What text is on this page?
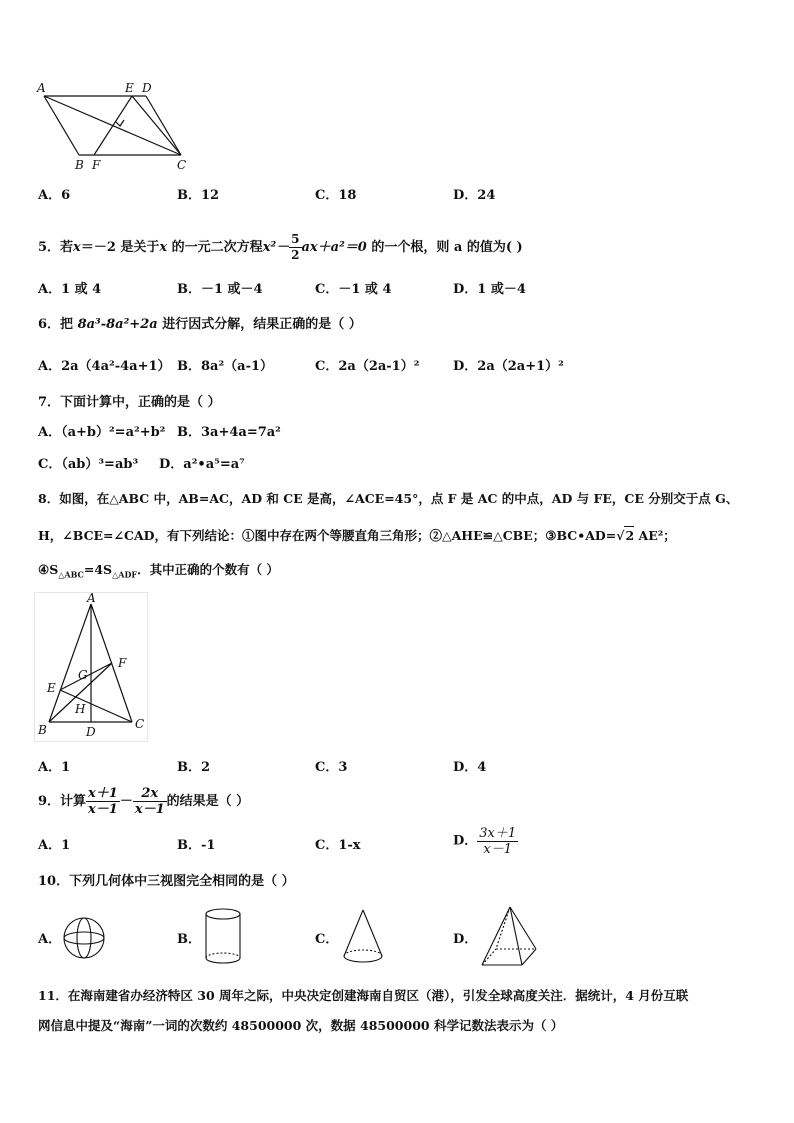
A	E D
B F	C
A．6	B．12	C．18	D．24
5．若x＝－2 是关于x 的一元二次方程$x^2- \frac{5}{2} ax+a^2=0$ 的一个根，则 a 的值为( )
A．1 或 4	B．－1 或－4	C．－1 或 4	D．1 或－4
6．把 8a³-8a²+2a 进行因式分解，结果正确的是（ ）
A．2a（4a²-4a+1） B．8a²（a-1）	C．2a（2a-1）²	D．2a（2a+1）²
7．下面计算中，正确的是（ ）
A．（a+b）²=a²+b² B．3a+4a=7a²
C．（ab）³=ab³ D．a²•a⁵=a⁷
8．如图，在△ABC 中，AB=AC，AD 和 CE 是高，∠ACE=45°，点 F 是 AC 的中点，AD 与 FE，CE 分别交于点 G、
H，∠BCE=∠CAD，有下列结论：①图中存在两个等腰直角三角形；②△AHE≌△CBE；③BC•AD=√2 AE²；
$④S_{\triangle ABC}=4S_{\triangle ADF}$．其中正确的个数有（ ）
A
F
G
E
H
B	D
C
A．1	B．2	C．3	D．4
9．计算 $\frac{x+1}{x-1} - \frac{2x}{x-1}$ 的结果是（ ）
A．1	B．-1	C．1-x	D． $\frac{3x+1}{x-1}$
10．下列几何体中三视图完全相同的是（ ）
A．	B．	C．	D．
11．在海南建省办经济特区 30 周年之际，中央决定创建海南自贸区（港），引发全球高度关注．据统计，4 月份互联
网信息中提及“海南”一词的次数约 48500000 次，数据 48500000 科学记数法表示为（ ）
